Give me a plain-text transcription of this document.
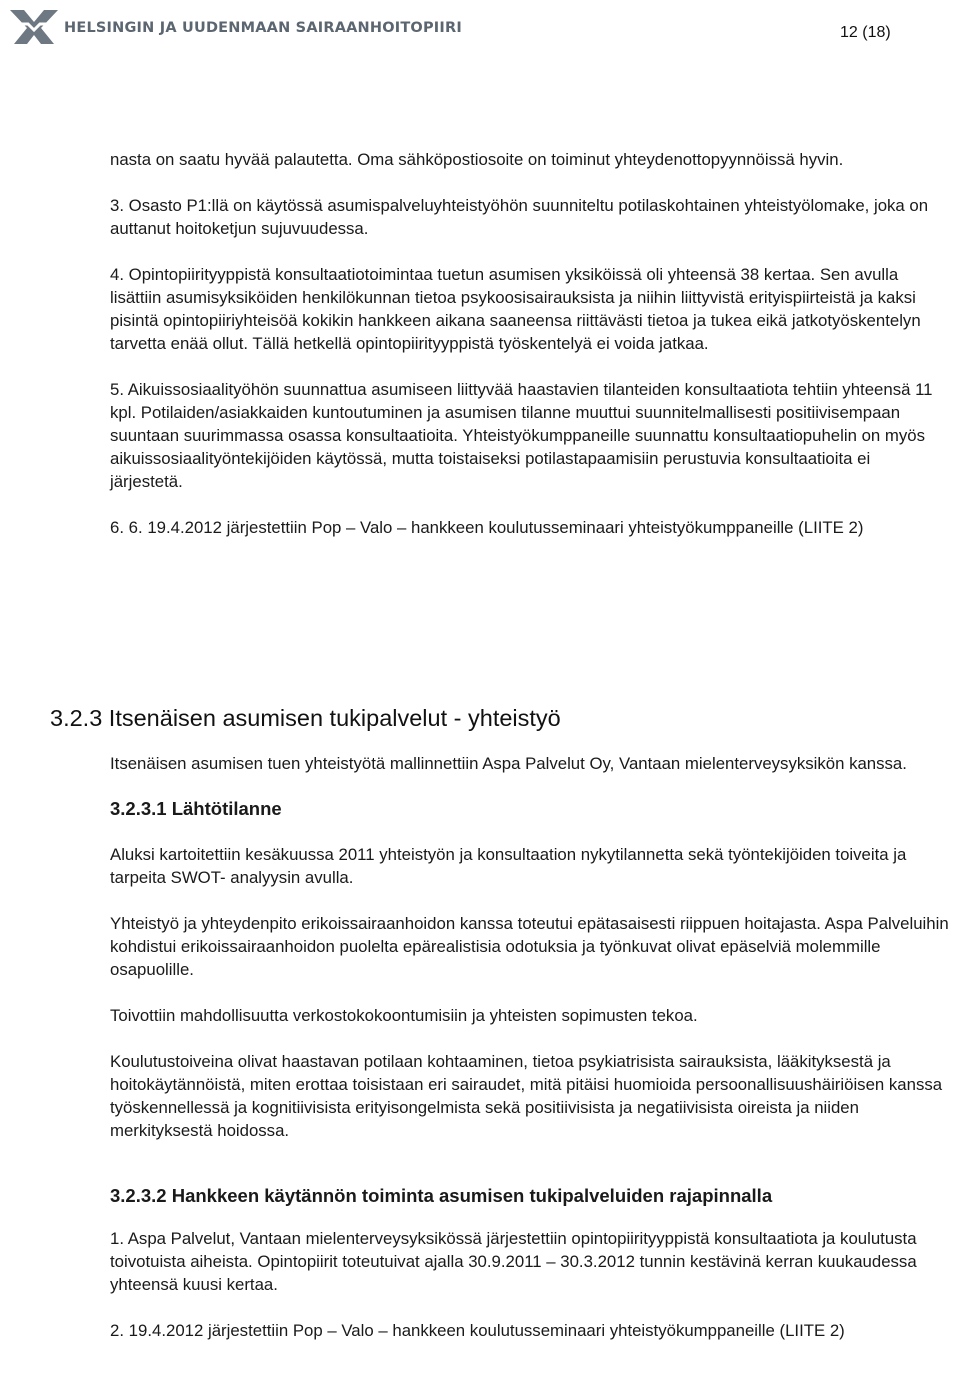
HELSINGIN JA UUDENMAAN SAIRAANHOITOPIIRI	12 (18)

nasta on saatu hyvää palautetta. Oma sähköpostiosoite on toiminut yhteydenottopyynnöissä hyvin.

3. Osasto P1:llä on käytössä asumispalveluyhteistyöhön suunniteltu potilaskohtainen yhteistyölomake, joka on auttanut hoitoketjun sujuvuudessa.

4. Opintopiirityyppistä konsultaatiotoimintaa tuetun asumisen yksiköissä oli yhteensä 38 kertaa. Sen avulla lisättiin asumisyksiköiden henkilökunnan tietoa psykoosisairauksista ja niihin liittyvistä erityispiirteistä ja kaksi pisintä opintopiiriyhteisöä kokikin hankkeen aikana saaneensa riittävästi tietoa ja tukea eikä jatkotyöskentelyn tarvetta enää ollut. Tällä hetkellä opintopiirityyppistä työskentelyä ei voida jatkaa.

5. Aikuissosiaalityöhön suunnattua asumiseen liittyvää haastavien tilanteiden konsultaatiota tehtiin yhteensä 11 kpl. Potilaiden/asiakkaiden kuntoutuminen ja asumisen tilanne muuttui suunnitelmallisesti positiivisempaan suuntaan suurimmassa osassa konsultaatioita. Yhteistyökumppaneille suunnattu konsultaatiopuhelin on myös aikuissosiaalityöntekijöiden käytössä, mutta toistaiseksi potilastapaamisiin perustuvia konsultaatioita ei järjestetä.

6. 6. 19.4.2012 järjestettiin Pop – Valo – hankkeen koulutusseminaari yhteistyökumppaneille (LIITE 2)

3.2.3 Itsenäisen asumisen tukipalvelut - yhteistyö

Itsenäisen asumisen tuen yhteistyötä mallinnettiin Aspa Palvelut Oy, Vantaan mielenterveysyksikön kanssa.

3.2.3.1 Lähtötilanne

Aluksi kartoitettiin kesäkuussa 2011 yhteistyön ja konsultaation nykytilannetta sekä työntekijöiden toiveita ja tarpeita SWOT- analyysin avulla.

Yhteistyö ja yhteydenpito erikoissairaanhoidon kanssa toteutui epätasaisesti riippuen hoitajasta. Aspa Palveluihin kohdistui erikoissairaanhoidon puolelta epärealistisia odotuksia ja työnkuvat olivat epäselviä molemmille osapuolille.

Toivottiin mahdollisuutta verkostokokoontumisiin ja yhteisten sopimusten tekoa.

Koulutustoiveina olivat haastavan potilaan kohtaaminen, tietoa psykiatrisista sairauksista, lääkityksestä ja hoitokäytännöistä, miten erottaa toisistaan eri sairaudet, mitä pitäisi huomioida persoonallisuushäiriöisen kanssa työskennellessä ja kognitiivisista erityisongelmista sekä positiivisista ja negatiivisista oireista ja niiden merkityksestä hoidossa.

3.2.3.2 Hankkeen käytännön toiminta asumisen tukipalveluiden rajapinnalla

1. Aspa Palvelut, Vantaan mielenterveysyksikössä järjestettiin opintopiirityyppistä konsultaatiota ja koulutusta toivotuista aiheista. Opintopiirit toteutuivat ajalla 30.9.2011 – 30.3.2012 tunnin kestävinä kerran kuukaudessa yhteensä kuusi kertaa.

2. 19.4.2012 järjestettiin Pop – Valo – hankkeen koulutusseminaari yhteistyökumppaneille (LIITE 2)
